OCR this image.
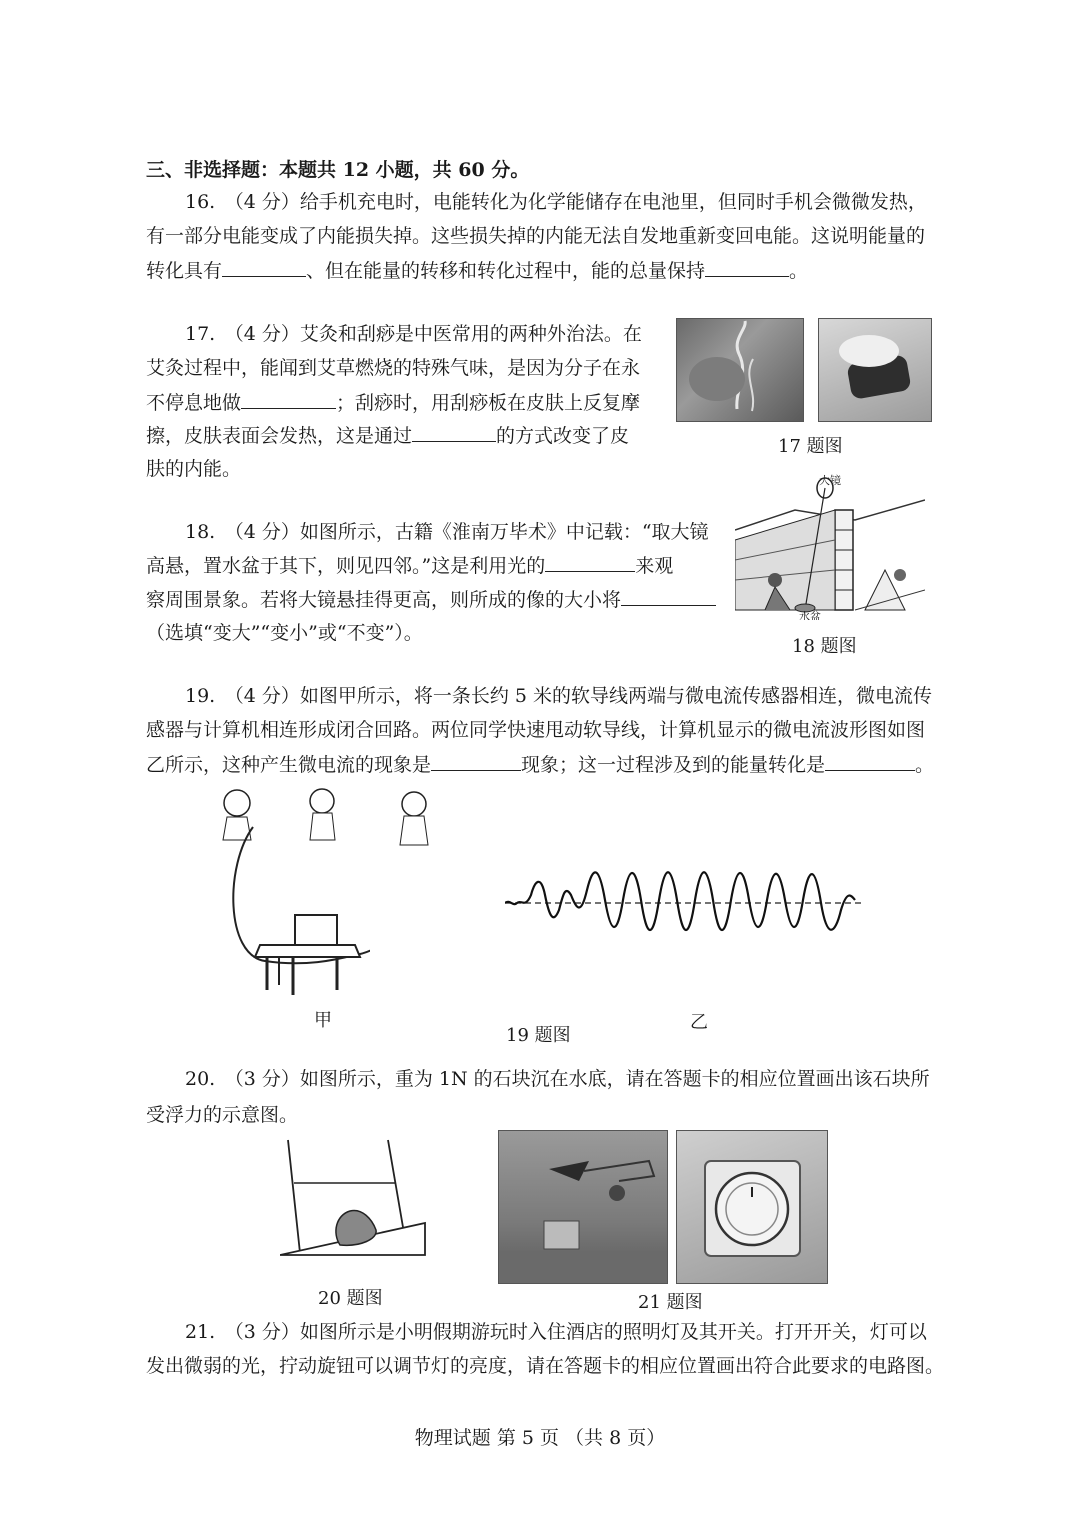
三、非选择题：本题共 12 小题，共 60 分。
16.　（4 分）给手机充电时，电能转化为化学能储存在电池里，但同时手机会微微发热，
有一部分电能变成了内能损失掉。这些损失掉的内能无法自发地重新变回电能。这说明能量的
转化具有	、但在能量的转移和转化过程中，能的总量保持	。
17.　（4 分）艾灸和刮痧是中医常用的两种外治法。在
艾灸过程中，能闻到艾草燃烧的特殊气味，是因为分子在永
不停息地做	；刮痧时，用刮痧板在皮肤上反复摩
擦，皮肤表面会发热，这是通过	的方式改变了皮
肤的内能。
17 题图
18.　（4 分）如图所示，古籍《淮南万毕术》中记载：“取大镜
高悬，置水盆于其下，则见四邻。”这是利用光的	来观
察周围景象。若将大镜悬挂得更高，则所成的像的大小将
（选填“变大”“变小”或“不变”）。
大镜
水盆
18 题图
19.　（4 分）如图甲所示，将一条长约 5 米的软导线两端与微电流传感器相连，微电流传
感器与计算机相连形成闭合回路。两位同学快速甩动软导线，计算机显示的微电流波形图如图
乙所示，这种产生微电流的现象是	现象；这一过程涉及到的能量转化是	。
甲	乙
19 题图
20.　（3 分）如图所示，重为 1N 的石块沉在水底，请在答题卡的相应位置画出该石块所
受浮力的示意图。
20 题图	21 题图
21.　（3 分）如图所示是小明假期游玩时入住酒店的照明灯及其开关。打开开关，灯可以
发出微弱的光，拧动旋钮可以调节灯的亮度，请在答题卡的相应位置画出符合此要求的电路图。
物理试题 第 5 页 （共 8 页）
